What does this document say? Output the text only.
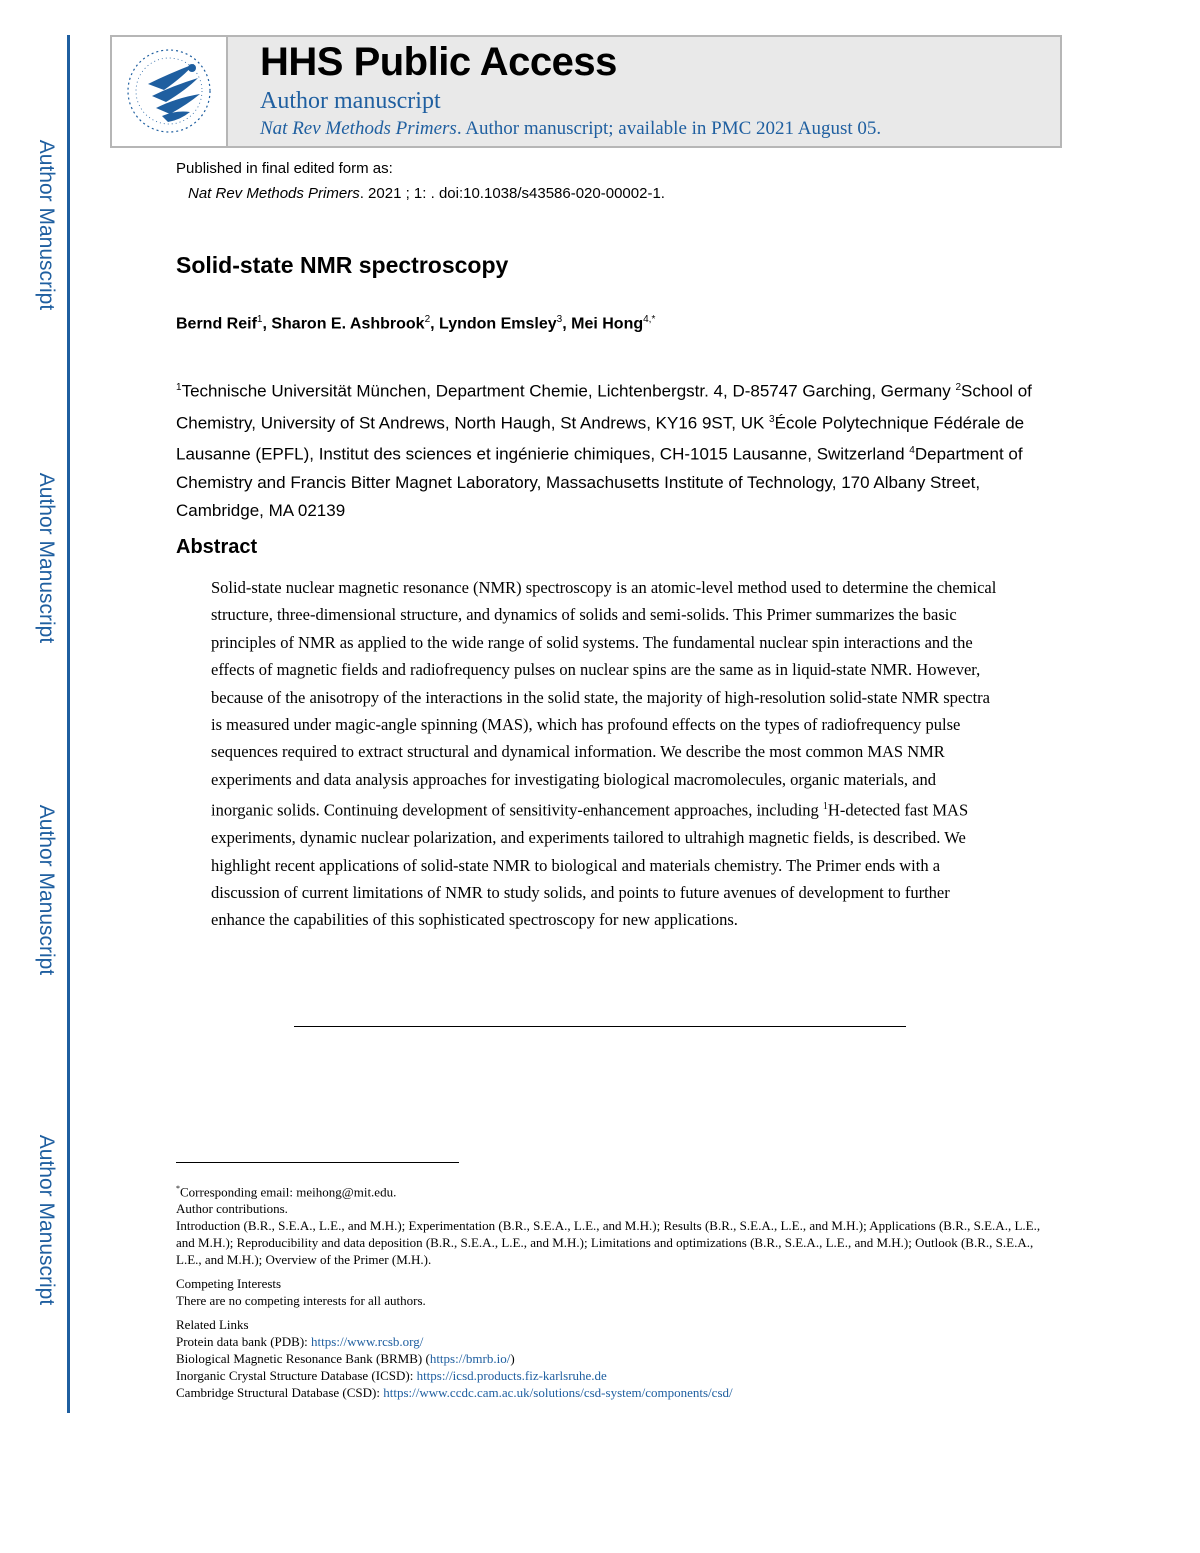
Author Manuscript
Author Manuscript
Author Manuscript
Author Manuscript
HHS Public Access
Author manuscript
Nat Rev Methods Primers. Author manuscript; available in PMC 2021 August 05.
Published in final edited form as:
Nat Rev Methods Primers. 2021 ; 1: . doi:10.1038/s43586-020-00002-1.
Solid-state NMR spectroscopy
Bernd Reif$^1$, Sharon E. Ashbrook$^2$, Lyndon Emsley$^3$, Mei Hong$^{4,*}$
$^1$Technische Universität München, Department Chemie, Lichtenbergstr. 4, D-85747 Garching, Germany $^2$School of Chemistry, University of St Andrews, North Haugh, St Andrews, KY16 9ST, UK $^3$École Polytechnique Fédérale de Lausanne (EPFL), Institut des sciences et ingénierie chimiques, CH-1015 Lausanne, Switzerland $^4$Department of Chemistry and Francis Bitter Magnet Laboratory, Massachusetts Institute of Technology, 170 Albany Street, Cambridge, MA 02139
Abstract
Solid-state nuclear magnetic resonance (NMR) spectroscopy is an atomic-level method used to determine the chemical structure, three-dimensional structure, and dynamics of solids and semi-solids. This Primer summarizes the basic principles of NMR as applied to the wide range of solid systems. The fundamental nuclear spin interactions and the effects of magnetic fields and radiofrequency pulses on nuclear spins are the same as in liquid-state NMR. However, because of the anisotropy of the interactions in the solid state, the majority of high-resolution solid-state NMR spectra is measured under magic-angle spinning (MAS), which has profound effects on the types of radiofrequency pulse sequences required to extract structural and dynamical information. We describe the most common MAS NMR experiments and data analysis approaches for investigating biological macromolecules, organic materials, and inorganic solids. Continuing development of sensitivity-enhancement approaches, including $^1$H-detected fast MAS experiments, dynamic nuclear polarization, and experiments tailored to ultrahigh magnetic fields, is described. We highlight recent applications of solid-state NMR to biological and materials chemistry. The Primer ends with a discussion of current limitations of NMR to study solids, and points to future avenues of development to further enhance the capabilities of this sophisticated spectroscopy for new applications.

*Corresponding email: meihong@mit.edu.

Author contributions.

Introduction (B.R., S.E.A., L.E., and M.H.); Experimentation (B.R., S.E.A., L.E., and M.H.); Results (B.R., S.E.A., L.E., and M.H.); Applications (B.R., S.E.A., L.E., and M.H.); Reproducibility and data deposition (B.R., S.E.A., L.E., and M.H.); Limitations and optimizations (B.R., S.E.A., L.E., and M.H.); Outlook (B.R., S.E.A., L.E., and M.H.); Overview of the Primer (M.H.).

Competing Interests

There are no competing interests for all authors.

Related Links

Protein data bank (PDB): https://www.rcsb.org/

Biological Magnetic Resonance Bank (BRMB) (https://bmrb.io/)

Inorganic Crystal Structure Database (ICSD): https://icsd.products.fiz-karlsruhe.de

Cambridge Structural Database (CSD): https://www.ccdc.cam.ac.uk/solutions/csd-system/components/csd/
